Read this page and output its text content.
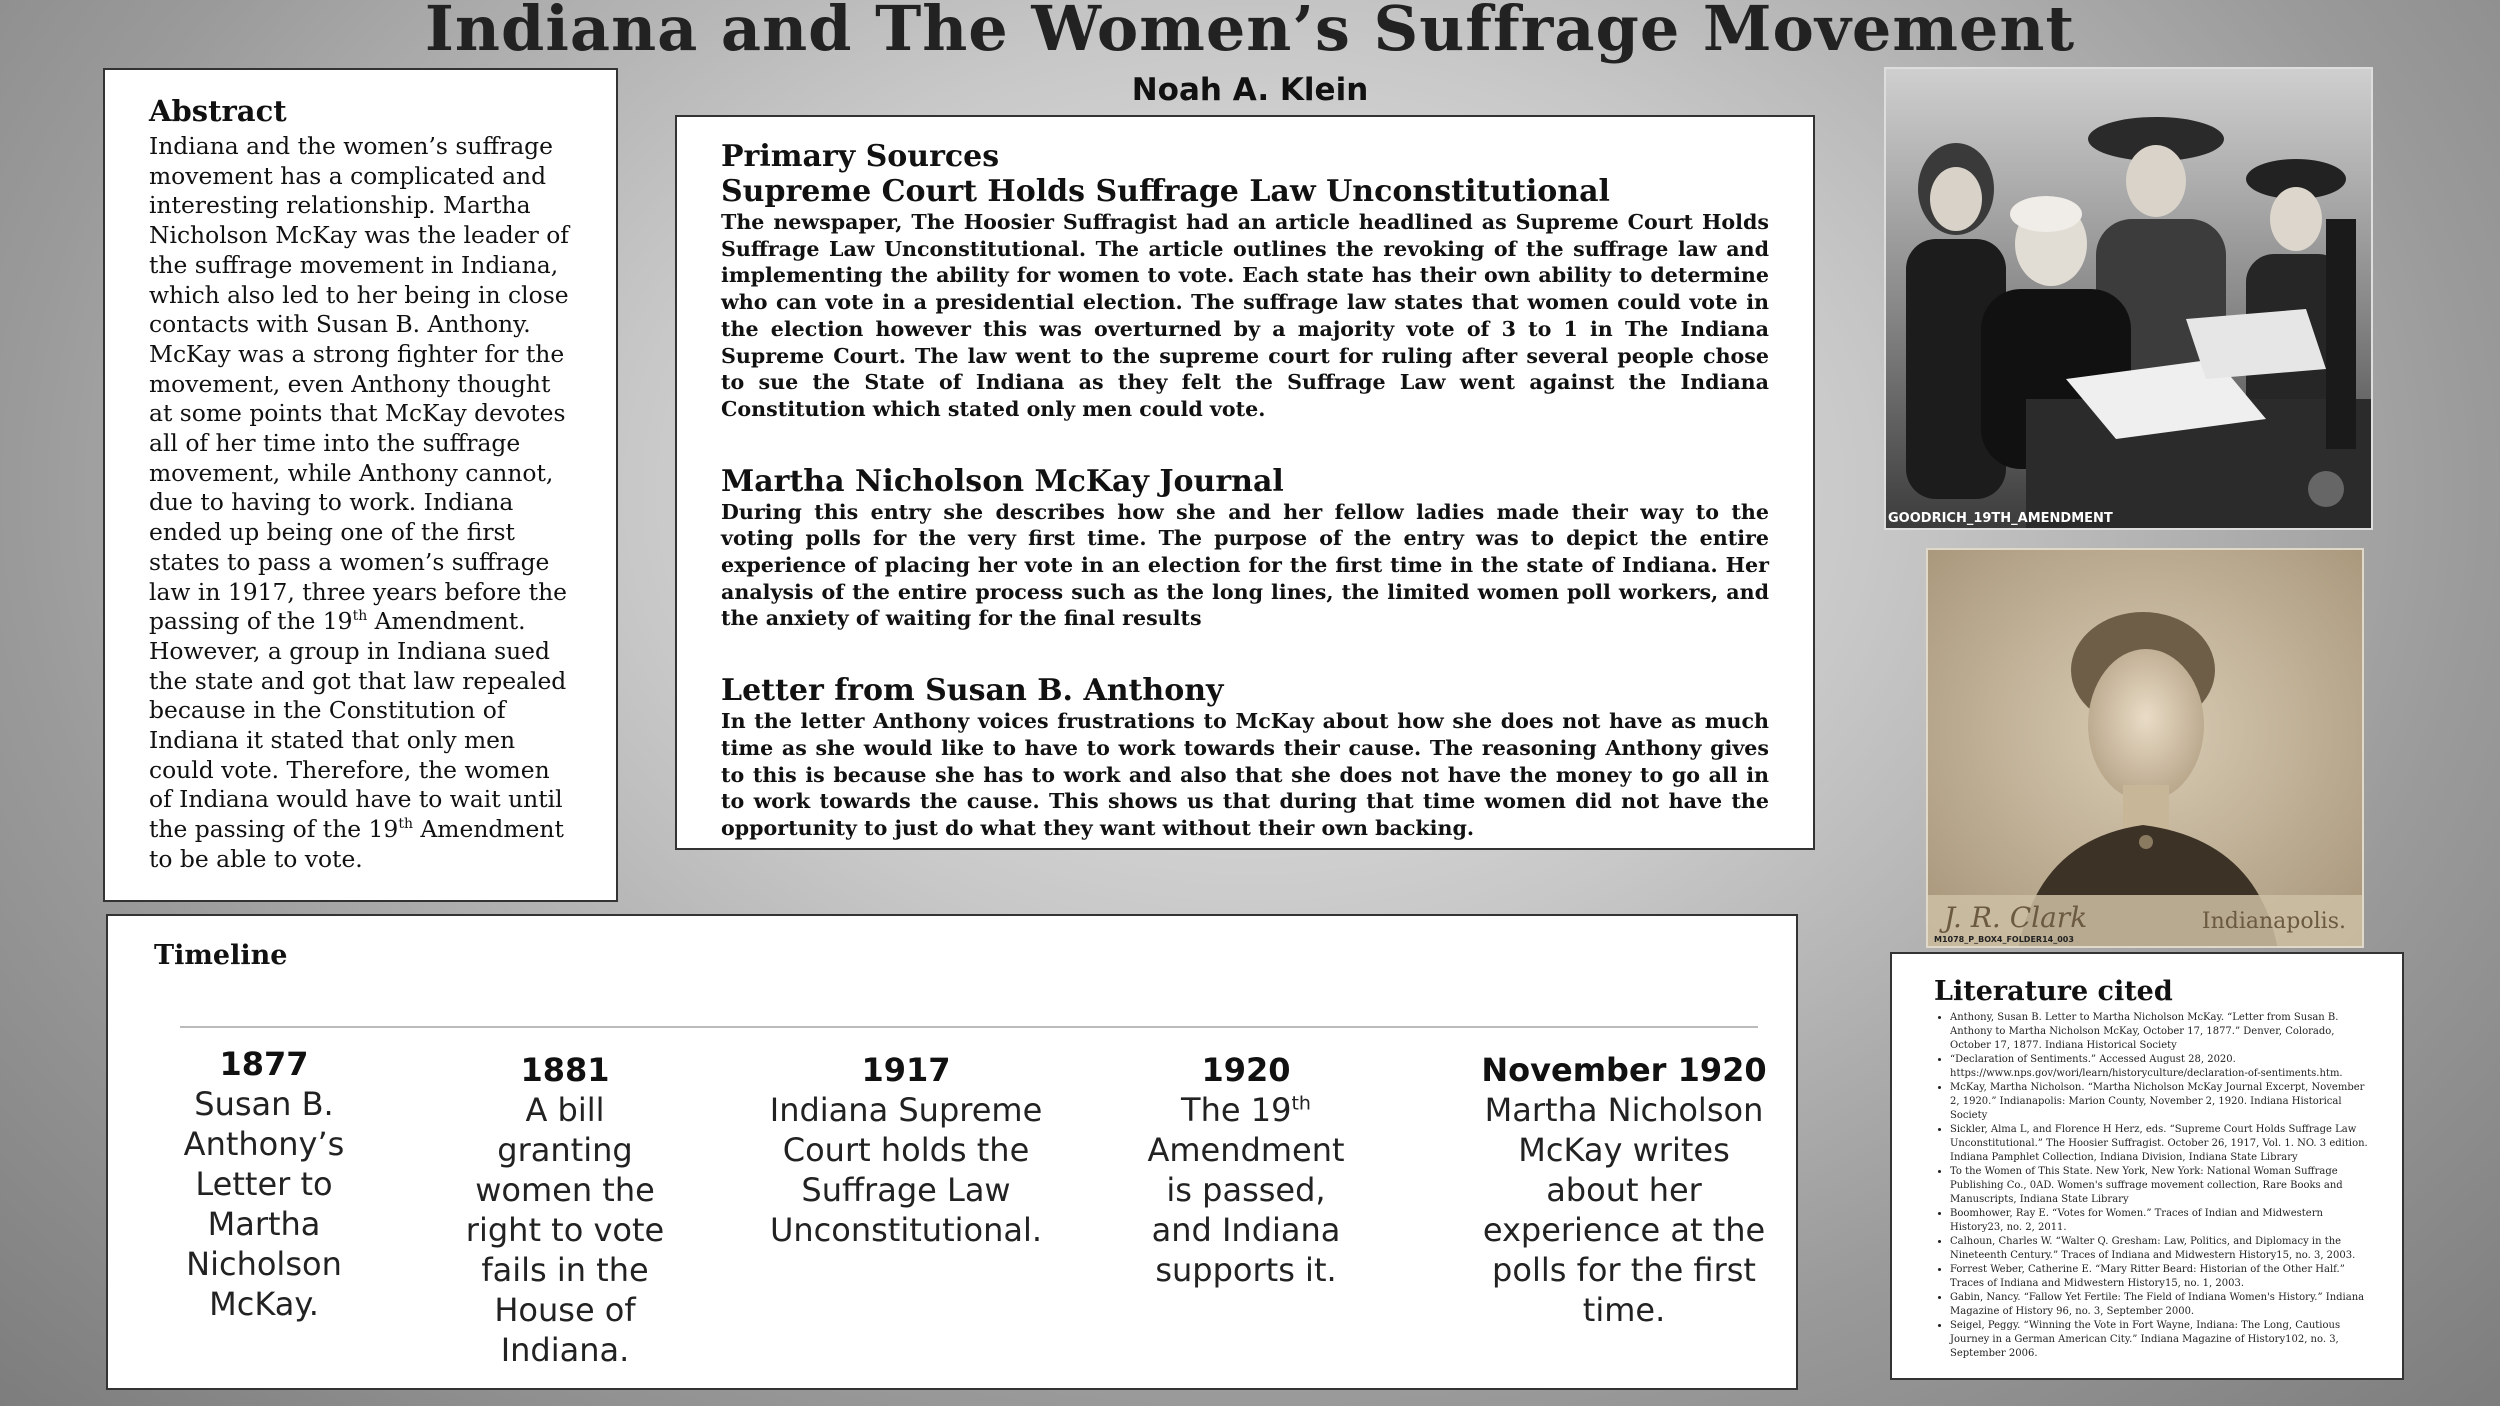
Indiana and The Women’s Suffrage Movement
Noah A. Klein
Abstract

Indiana and the women’s suffrage movement has a complicated and interesting relationship. Martha Nicholson McKay was the leader of the suffrage movement in Indiana, which also led to her being in close contacts with Susan B. Anthony. McKay was a strong fighter for the movement, even Anthony thought at some points that McKay devotes all of her time into the suffrage movement, while Anthony cannot, due to having to work. Indiana ended up being one of the first states to pass a women’s suffrage law in 1917, three years before the passing of the 19th Amendment. However, a group in Indiana sued the state and got that law repealed because in the Constitution of Indiana it stated that only men could vote. Therefore, the women of Indiana would have to wait until the passing of the 19th Amendment to be able to vote.

Primary Sources
Supreme Court Holds Suffrage Law Unconstitutional

The newspaper, The Hoosier Suffragist had an article headlined as Supreme Court Holds Suffrage Law Unconstitutional. The article outlines the revoking of the suffrage law and implementing the ability for women to vote. Each state has their own ability to determine who can vote in a presidential election. The suffrage law states that women could vote in the election however this was overturned by a majority vote of 3 to 1 in The Indiana Supreme Court. The law went to the supreme court for ruling after several people chose to sue the State of Indiana as they felt the Suffrage Law went against the Indiana Constitution which stated only men could vote.

Martha Nicholson McKay Journal

During this entry she describes how she and her fellow ladies made their way to the voting polls for the very first time. The purpose of the entry was to depict the entire experience of placing her vote in an election for the first time in the state of Indiana. Her analysis of the entire process such as the long lines, the limited women poll workers, and the anxiety of waiting for the final results

Letter from Susan B. Anthony

In the letter Anthony voices frustrations to McKay about how she does not have as much time as she would like to have to work towards their cause. The reasoning Anthony gives to this is because she has to work and also that she does not have the money to go all in to work towards the cause. This shows us that during that time women did not have the opportunity to just do what they want without their own backing.

GOODRICH_19TH_AMENDMENT
J. R. Clark	Indianapolis.
M1078_P_BOX4_FOLDER14_003
Timeline
1877
Susan B. Anthony’s Letter to Martha Nicholson McKay.
1881
A bill granting women the right to vote fails in the House of Indiana.
1917
Indiana Supreme Court holds the Suffrage Law Unconstitutional.
1920
The 19th Amendment is passed, and Indiana supports it.
November 1920
Martha Nicholson McKay writes about her experience at the polls for the first time.
Literature cited
• Anthony, Susan B. Letter to Martha Nicholson McKay. “Letter from Susan B. Anthony to Martha Nicholson McKay, October 17, 1877.” Denver, Colorado, October 17, 1877. Indiana Historical Society
• “Declaration of Sentiments.” Accessed August 28, 2020. https://www.nps.gov/wori/learn/historyculture/declaration-of-sentiments.htm.
• McKay, Martha Nicholson. “Martha Nicholson McKay Journal Excerpt, November 2, 1920.” Indianapolis: Marion County, November 2, 1920. Indiana Historical Society
• Sickler, Alma L, and Florence H Herz, eds. “Supreme Court Holds Suffrage Law Unconstitutional.” The Hoosier Suffragist. October 26, 1917, Vol. 1. NO. 3 edition. Indiana Pamphlet Collection, Indiana Division, Indiana State Library
• To the Women of This State. New York, New York: National Woman Suffrage Publishing Co., 0AD. Women's suffrage movement collection, Rare Books and Manuscripts, Indiana State Library
• Boomhower, Ray E. “Votes for Women.” Traces of Indian and Midwestern History23, no. 2, 2011.
• Calhoun, Charles W. “Walter Q. Gresham: Law, Politics, and Diplomacy in the Nineteenth Century.” Traces of Indiana and Midwestern History15, no. 3, 2003.
• Forrest Weber, Catherine E. “Mary Ritter Beard: Historian of the Other Half.” Traces of Indiana and Midwestern History15, no. 1, 2003.
• Gabin, Nancy. “Fallow Yet Fertile: The Field of Indiana Women's History.” Indiana Magazine of History 96, no. 3, September 2000.
• Seigel, Peggy. “Winning the Vote in Fort Wayne, Indiana: The Long, Cautious Journey in a German American City.” Indiana Magazine of History102, no. 3, September 2006.
